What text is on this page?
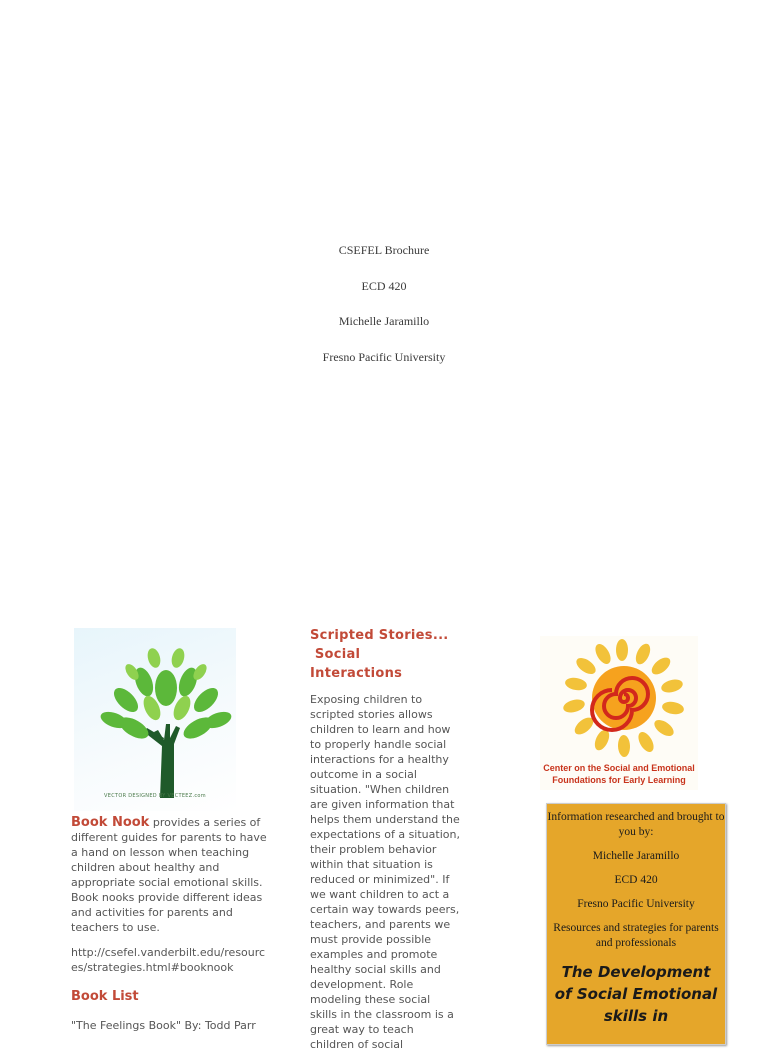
CSEFEL Brochure
ECD 420
Michelle Jaramillo
Fresno Pacific University
VECTOR DESIGNED BY VECTEEZ.com
Book Nook provides a series of different guides for parents to have a hand on lesson when teaching children about healthy and appropriate social emotional skills. Book nooks provide different ideas and activities for parents and teachers to use.
http://csefel.vanderbilt.edu/resources/strategies.html#booknook
Book List
"The Feelings Book" By: Todd Parr
Scripted Stories...
Social
Interactions
Exposing children to scripted stories allows children to learn and how to properly handle social interactions for a healthy outcome in a social situation. "When children are given information that helps them understand the expectations of a situation, their problem behavior within that situation is reduced or minimized". If we want children to act a certain way towards peers, teachers, and parents we must provide possible examples and promote healthy social skills and development. Role modeling these social skills in the classroom is a great way to teach children of social
Center on the Social and Emotional
Foundations for Early Learning
Information researched and brought to you by:
Michelle Jaramillo
ECD 420
Fresno Pacific University
Resources and strategies for parents and professionals
The Development of Social Emotional skills in
